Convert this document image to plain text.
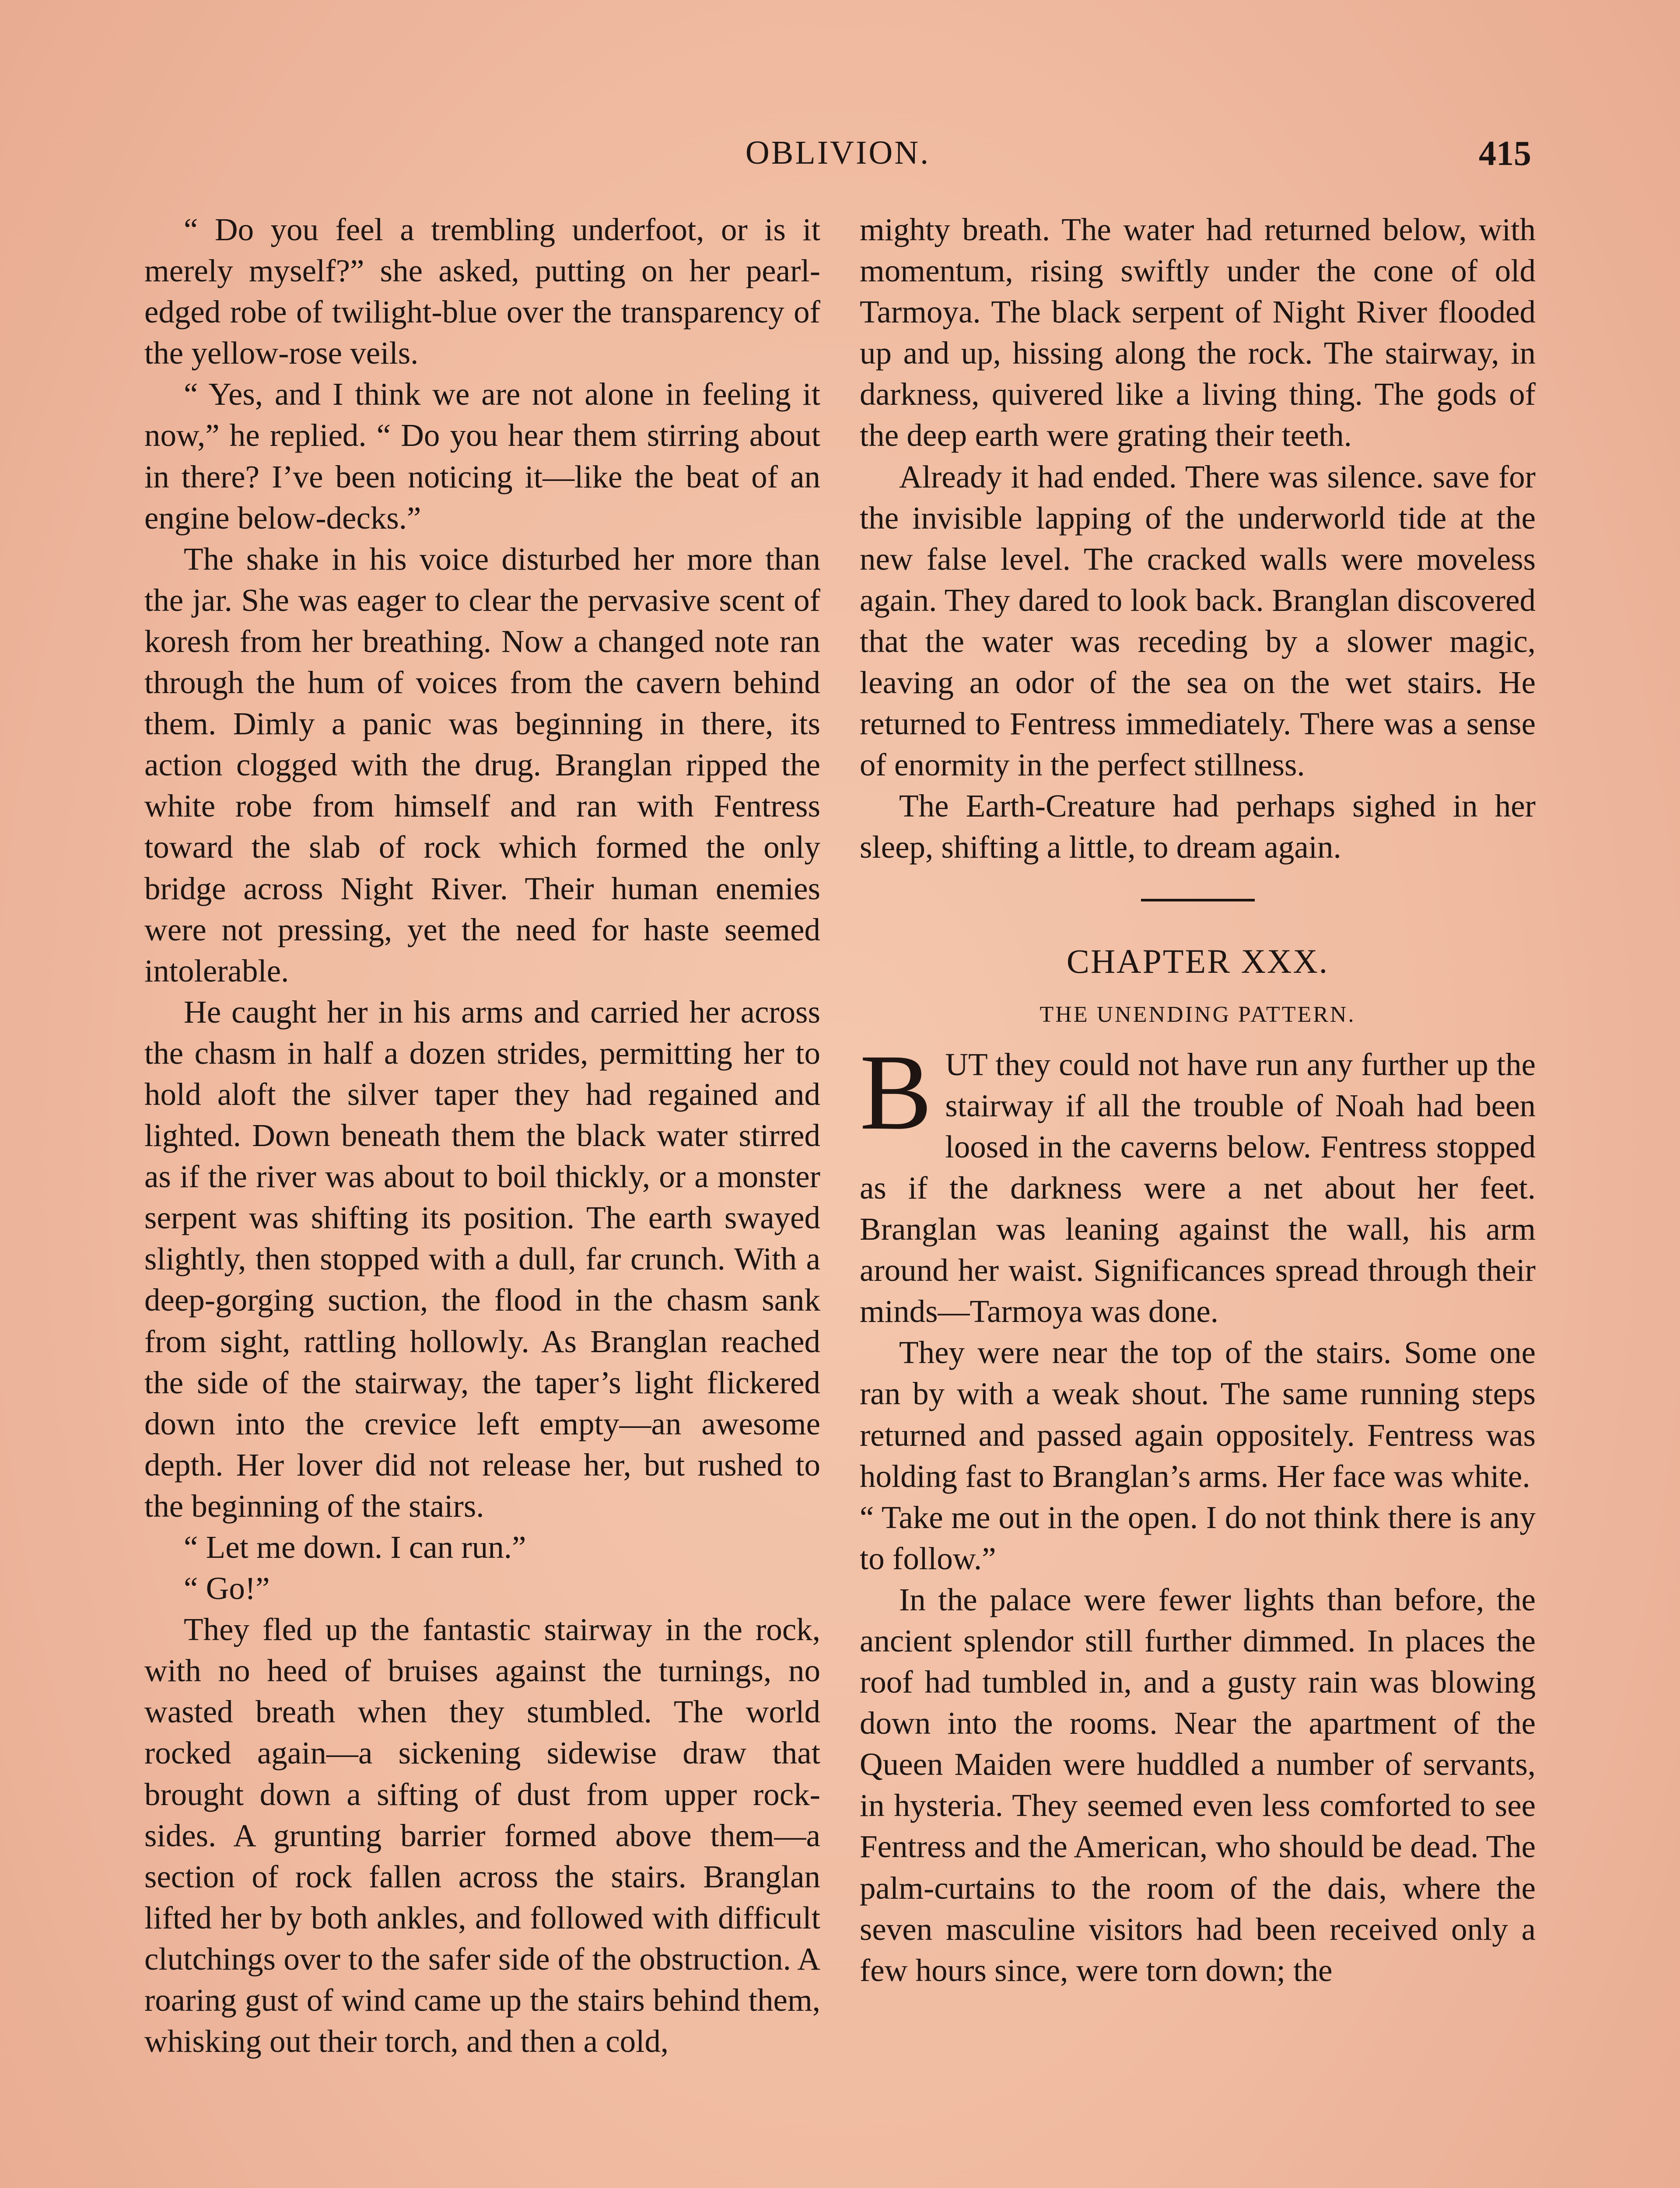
OBLIVION.	415

“ Do you feel a trembling underfoot, or is it merely myself?” she asked, putting on her pearl-edged robe of twilight-blue over the transparency of the yellow-rose veils.

“ Yes, and I think we are not alone in feeling it now,” he replied. “ Do you hear them stirring about in there? I’ve been noticing it—like the beat of an engine below-decks.”

The shake in his voice disturbed her more than the jar. She was eager to clear the pervasive scent of koresh from her breathing. Now a changed note ran through the hum of voices from the cavern behind them. Dimly a panic was beginning in there, its action clogged with the drug. Branglan ripped the white robe from himself and ran with Fentress toward the slab of rock which formed the only bridge across Night River. Their human enemies were not pressing, yet the need for haste seemed intolerable.

He caught her in his arms and carried her across the chasm in half a dozen strides, permitting her to hold aloft the silver taper they had regained and lighted. Down beneath them the black water stirred as if the river was about to boil thickly, or a monster serpent was shifting its position. The earth swayed slightly, then stopped with a dull, far crunch. With a deep-gorging suction, the flood in the chasm sank from sight, rattling hollowly. As Branglan reached the side of the stairway, the taper’s light flickered down into the crevice left empty—an awesome depth. Her lover did not release her, but rushed to the beginning of the stairs.

“ Let me down. I can run.”

“ Go!”

They fled up the fantastic stairway in the rock, with no heed of bruises against the turnings, no wasted breath when they stumbled. The world rocked again—a sickening sidewise draw that brought down a sifting of dust from upper rock-sides. A grunting barrier formed above them—a section of rock fallen across the stairs. Branglan lifted her by both ankles, and followed with difficult clutchings over to the safer side of the obstruction. A roaring gust of wind came up the stairs behind them, whisking out their torch, and then a cold,

mighty breath. The water had returned below, with momentum, rising swiftly under the cone of old Tarmoya. The black serpent of Night River flooded up and up, hissing along the rock. The stairway, in darkness, quivered like a living thing. The gods of the deep earth were grating their teeth.

Already it had ended. There was silence. save for the invisible lapping of the underworld tide at the new false level. The cracked walls were moveless again. They dared to look back. Branglan discovered that the water was receding by a slower magic, leaving an odor of the sea on the wet stairs. He returned to Fentress immediately. There was a sense of enormity in the perfect stillness.

The Earth-Creature had perhaps sighed in her sleep, shifting a little, to dream again.

CHAPTER XXX.
THE UNENDING PATTERN.

BUT they could not have run any further up the stairway if all the trouble of Noah had been loosed in the caverns below. Fentress stopped as if the darkness were a net about her feet. Branglan was leaning against the wall, his arm around her waist. Significances spread through their minds—Tarmoya was done.

They were near the top of the stairs. Some one ran by with a weak shout. The same running steps returned and passed again oppositely. Fentress was holding fast to Branglan’s arms. Her face was white.

“ Take me out in the open. I do not think there is any to follow.”

In the palace were fewer lights than before, the ancient splendor still further dimmed. In places the roof had tumbled in, and a gusty rain was blowing down into the rooms. Near the apartment of the Queen Maiden were huddled a number of servants, in hysteria. They seemed even less comforted to see Fentress and the American, who should be dead. The palm-curtains to the room of the dais, where the seven masculine visitors had been received only a few hours since, were torn down; the
